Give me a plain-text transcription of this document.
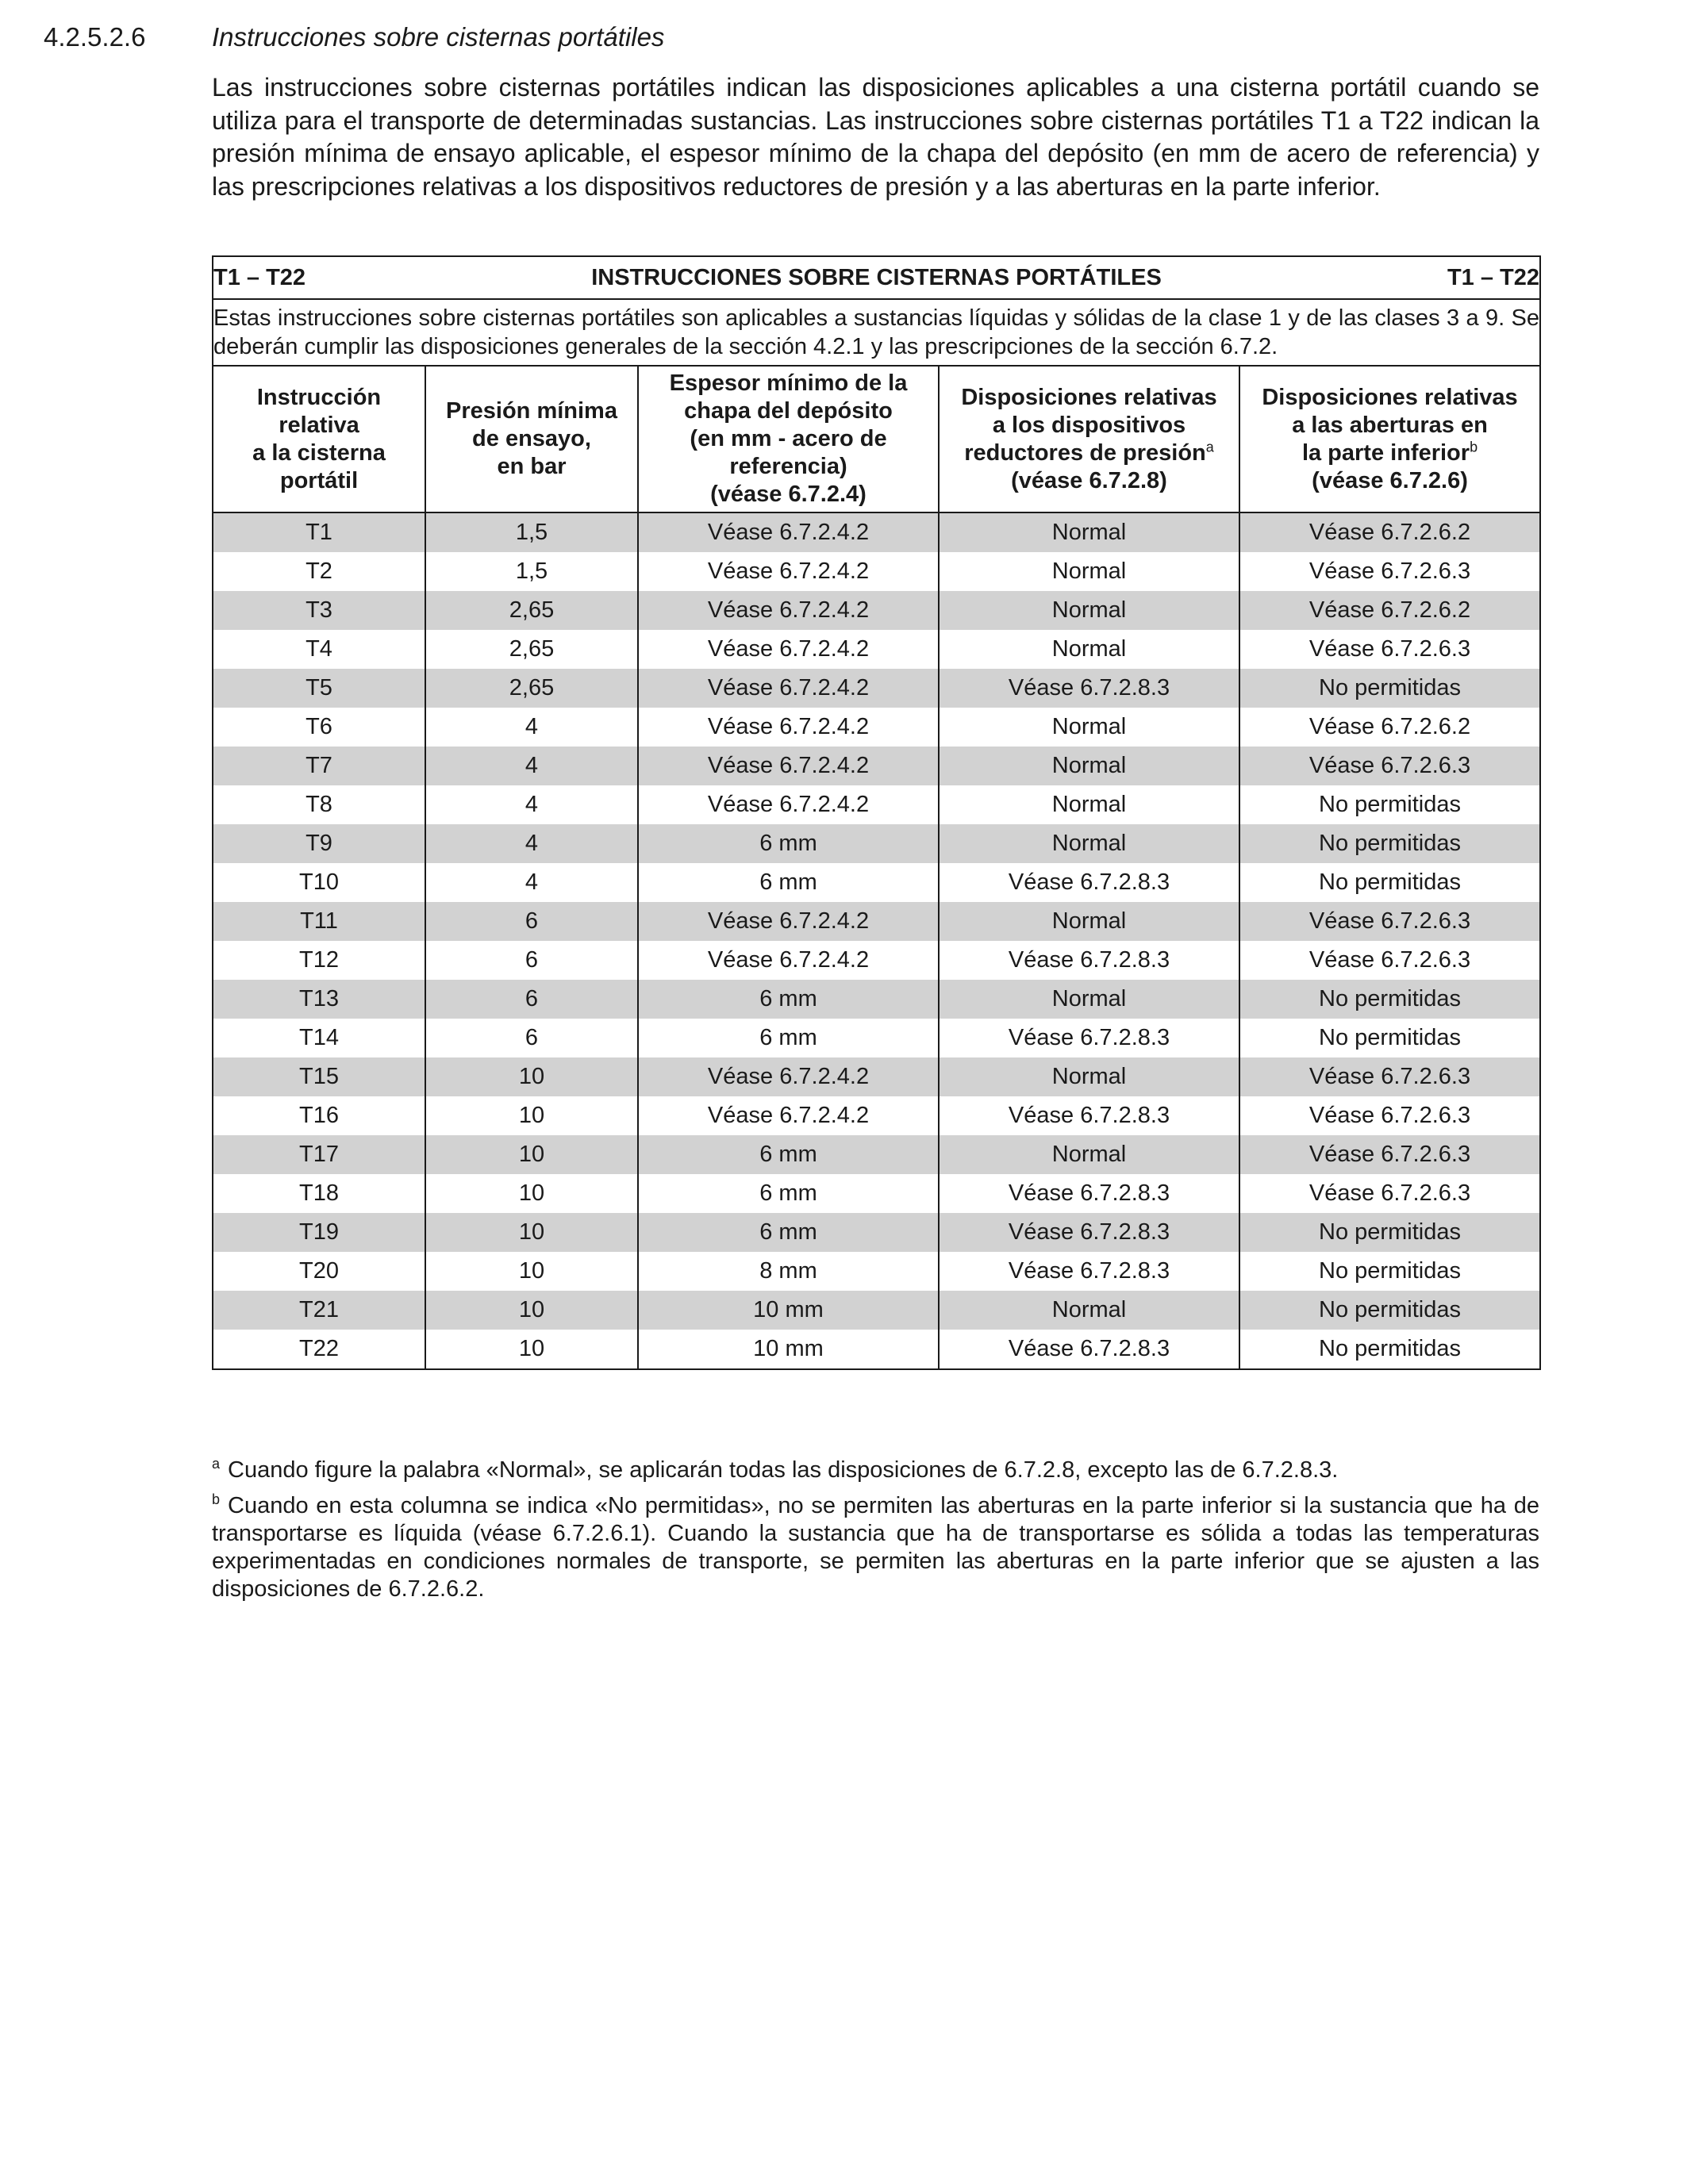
4.2.5.2.6	Instrucciones sobre cisternas portátiles

Las instrucciones sobre cisternas portátiles indican las disposiciones aplicables a una cisterna portátil cuando se utiliza para el transporte de determinadas sustancias. Las instrucciones sobre cisternas portátiles T1 a T22 indican la presión mínima de ensayo aplicable, el espesor mínimo de la chapa del depósito (en mm de acero de referencia) y las prescripciones relativas a los dispositivos reductores de presión y a las aberturas en la parte inferior.

T1 – T22 INSTRUCCIONES SOBRE CISTERNAS PORTÁTILES T1 – T22				

Estas instrucciones sobre cisternas portátiles son aplicables a sustancias líquidas y sólidas de la clase 1 y de las clases 3 a 9. Se deberán cumplir las disposiciones generales de la sección 4.2.1 y las prescripciones de la sección 6.7.2.				
Instrucción
relativa
a la cisterna
portátil	Presión mínima
de ensayo,
en bar	Espesor mínimo de la
chapa del depósito
(en mm - acero de
referencia)
(véase 6.7.2.4)	Disposiciones relativas
a los dispositivos
reductores de presión$^a$
(véase 6.7.2.8)	Disposiciones relativas
a las aberturas en
la parte inferior$^b$
(véase 6.7.2.6)
T1	1,5	Véase 6.7.2.4.2	Normal	Véase 6.7.2.6.2
T2	1,5	Véase 6.7.2.4.2	Normal	Véase 6.7.2.6.3
T3	2,65	Véase 6.7.2.4.2	Normal	Véase 6.7.2.6.2
T4	2,65	Véase 6.7.2.4.2	Normal	Véase 6.7.2.6.3
T5	2,65	Véase 6.7.2.4.2	Véase 6.7.2.8.3	No permitidas
T6	4	Véase 6.7.2.4.2	Normal	Véase 6.7.2.6.2
T7	4	Véase 6.7.2.4.2	Normal	Véase 6.7.2.6.3
T8	4	Véase 6.7.2.4.2	Normal	No permitidas
T9	4	6 mm	Normal	No permitidas
T10	4	6 mm	Véase 6.7.2.8.3	No permitidas
T11	6	Véase 6.7.2.4.2	Normal	Véase 6.7.2.6.3
T12	6	Véase 6.7.2.4.2	Véase 6.7.2.8.3	Véase 6.7.2.6.3
T13	6	6 mm	Normal	No permitidas
T14	6	6 mm	Véase 6.7.2.8.3	No permitidas
T15	10	Véase 6.7.2.4.2	Normal	Véase 6.7.2.6.3
T16	10	Véase 6.7.2.4.2	Véase 6.7.2.8.3	Véase 6.7.2.6.3
T17	10	6 mm	Normal	Véase 6.7.2.6.3
T18	10	6 mm	Véase 6.7.2.8.3	Véase 6.7.2.6.3
T19	10	6 mm	Véase 6.7.2.8.3	No permitidas
T20	10	8 mm	Véase 6.7.2.8.3	No permitidas
T21	10	10 mm	Normal	No permitidas
T22	10	10 mm	Véase 6.7.2.8.3	No permitidas

$^a$ Cuando figure la palabra «Normal», se aplicarán todas las disposiciones de 6.7.2.8, excepto las de 6.7.2.8.3.

$^b$ Cuando en esta columna se indica «No permitidas», no se permiten las aberturas en la parte inferior si la sustancia que ha de transportarse es líquida (véase 6.7.2.6.1). Cuando la sustancia que ha de transportarse es sólida a todas las temperaturas experimentadas en condiciones normales de transporte, se permiten las aberturas en la parte inferior que se ajusten a las disposiciones de 6.7.2.6.2.
